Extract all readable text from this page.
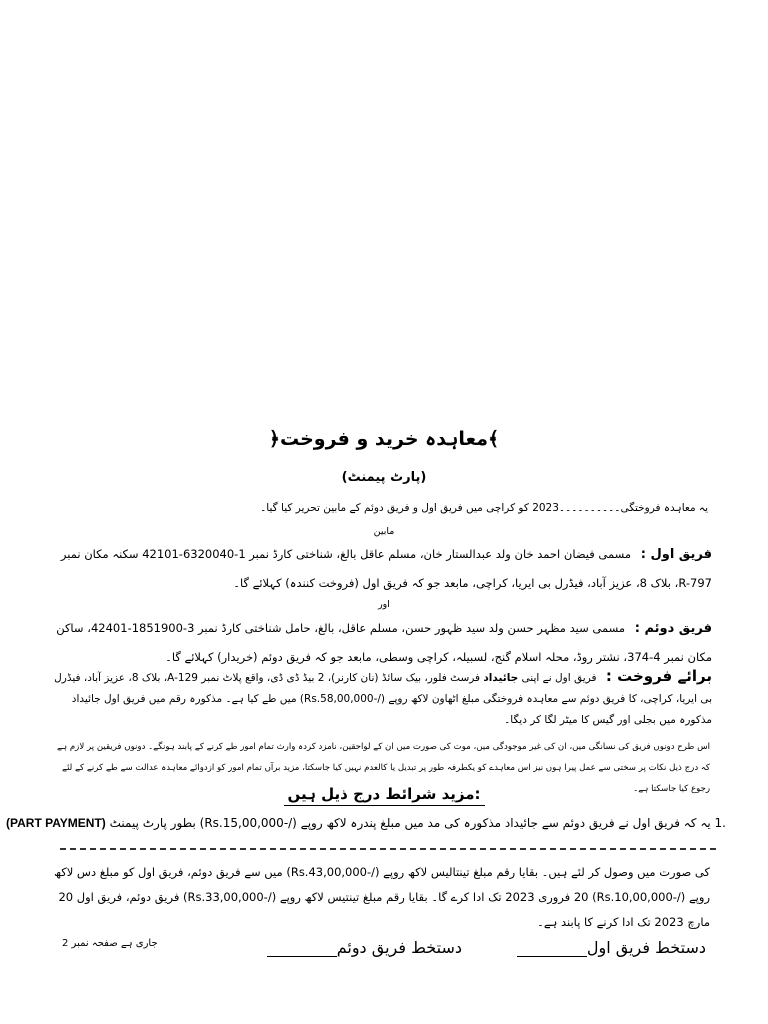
﴿معاہدہ خرید و فروخت﴾
(پارٹ پیمنٹ)
یہ معاہدہ فروختگی۔۔۔۔۔۔۔۔۔۔2023 کو کراچی میں فریق اول و فریق دوئم کے مابین تحریر کیا گیا۔
مابین
فریق اول : مسمی فیضان احمد خان ولد عبدالستار خان، مسلم عاقل بالغ، شناختی کارڈ نمبر 1-6320040-42101 سکنہ مکان نمبر R-797، بلاک 8، عزیز آباد، فیڈرل بی ایریا، کراچی، مابعد جو کہ فریق اول (فروخت کنندہ) کہلائے گا۔
اور
فریق دوئم : مسمی سید مظہر حسن ولد سید ظہور حسن، مسلم عاقل، بالغ، حامل شناختی کارڈ نمبر 3-1851900-42401، ساکن مکان نمبر 4-374، نشتر روڈ، محلہ اسلام گنج، لسبیلہ، کراچی وسطی، مابعد جو کہ فریق دوئم (خریدار) کہلائے گا۔
برائے فروخت : فریق اول نے اپنی جائیداد فرسٹ فلور، بیک سائڈ (نان کارنر)، 2 بیڈ ڈی ڈی، واقع پلاٹ نمبر A-129، بلاک 8، عزیز آباد، فیڈرل بی ایریا، کراچی، کا فریق دوئم سے معاہدہ فروختگی مبلغ اٹھاون لاکھ روپے (/-Rs.58,00,000) میں طے کیا ہے۔ مذکورہ رقم میں فریق اول جائیداد مذکورہ میں بجلی اور گیس کا میٹر لگا کر دیگا۔
اس طرح دونوں فریق کی نسانگی میں، ان کی غیر موجودگی میں، موت کی صورت میں ان کے لواحقین، نامزد کردہ وارث تمام امور طے کرنے کے پابند ہونگے۔ دونوں فریقین پر لازم ہے کہ درج ذیل نکات پر سختی سے عمل پیرا ہوں نیز اس معاہدے کو یکطرفہ طور پر تبدیل یا کالعدم نہیں کیا جاسکتا، مزید برآں تمام امور کو ازدوائے معاہدہ عدالت سے طے کرنے کے لئے رجوع کیا جاسکتا ہے۔
مزید شرائط درج ذیل ہیں:
.1 یہ کہ فریق اول نے فریق دوئم سے جائیداد مذکورہ کی مد میں مبلغ پندرہ لاکھ روپے (/-Rs.15,00,000) بطور پارٹ پیمنٹ (PART PAYMENT)
کی صورت میں وصول کر لئے ہیں۔ بقایا رقم مبلغ تینتالیس لاکھ روپے (/-Rs.43,00,000) میں سے فریق دوئم، فریق اول کو مبلغ دس لاکھ روپے (/-Rs.10,00,000) 20 فروری 2023 تک ادا کرے گا۔ بقایا رقم مبلغ تینتیس لاکھ روپے (/-Rs.33,00,000) فریق دوئم، فریق اول 20 مارچ 2023 تک ادا کرنے کا پابند ہے۔
دستخط فریق اول
دستخط فریق دوئم
جاری ہے صفحہ نمبر 2
